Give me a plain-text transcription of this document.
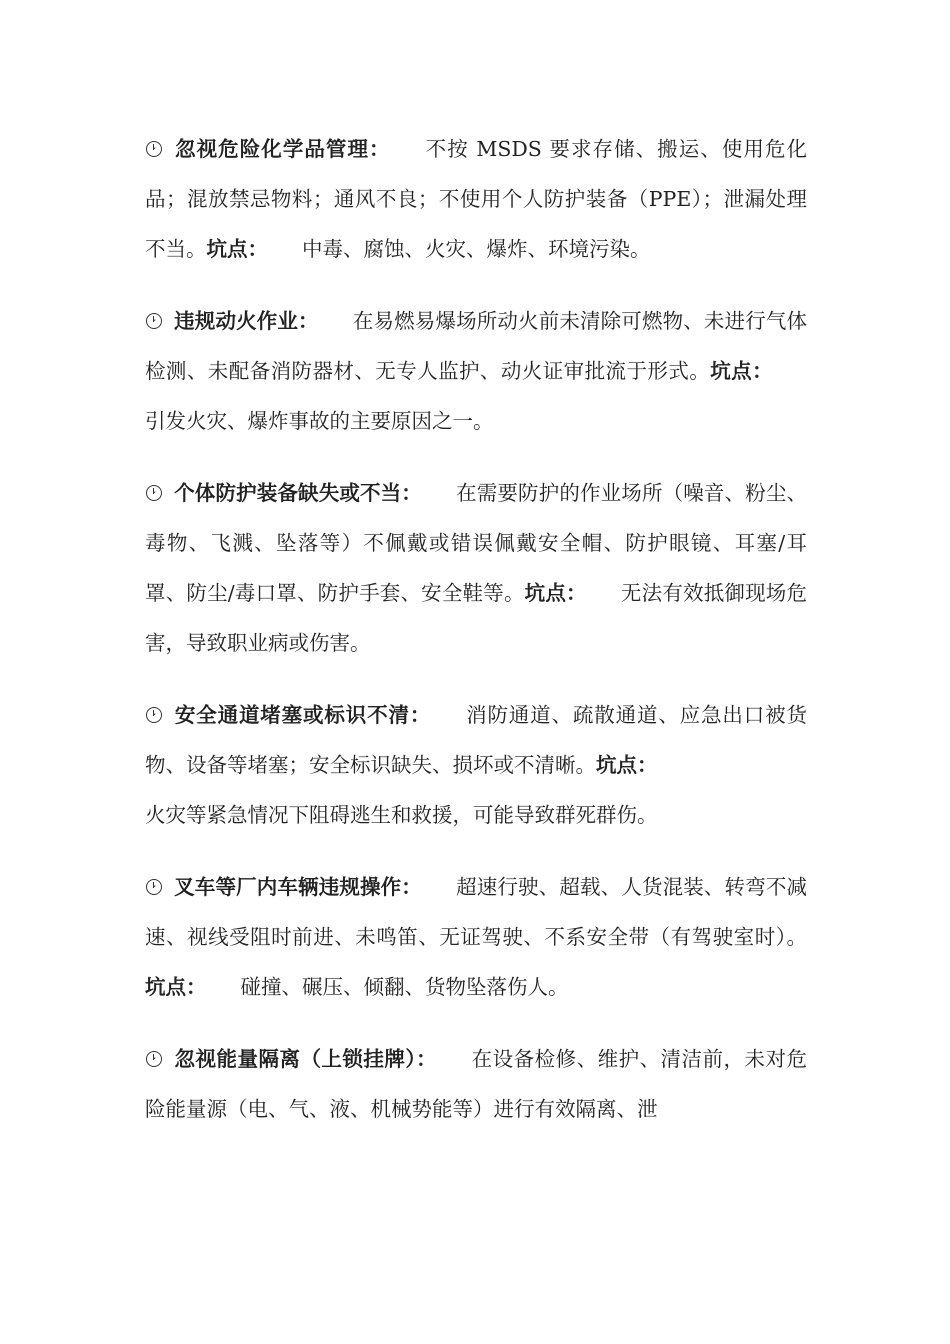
忽视危险化学品管理： 不按 MSDS 要求存储、搬运、使用危化品；混放禁忌物料；通风不良；不使用个人防护装备（PPE）；泄漏处理不当。坑点： 中毒、腐蚀、火灾、爆炸、环境污染。

违规动火作业： 在易燃易爆场所动火前未清除可燃物、未进行气体检测、未配备消防器材、无专人监护、动火证审批流于形式。坑点：引发火灾、爆炸事故的主要原因之一。

个体防护装备缺失或不当： 在需要防护的作业场所（噪音、粉尘、毒物、飞溅、坠落等）不佩戴或错误佩戴安全帽、防护眼镜、耳塞/耳罩、防尘/毒口罩、防护手套、安全鞋等。坑点： 无法有效抵御现场危害，导致职业病或伤害。

安全通道堵塞或标识不清： 消防通道、疏散通道、应急出口被货物、设备等堵塞；安全标识缺失、损坏或不清晰。坑点：
火灾等紧急情况下阻碍逃生和救援，可能导致群死群伤。

叉车等厂内车辆违规操作： 超速行驶、超载、人货混装、转弯不减速、视线受阻时前进、未鸣笛、无证驾驶、不系安全带（有驾驶室时）。坑点： 碰撞、碾压、倾翻、货物坠落伤人。

忽视能量隔离（上锁挂牌）： 在设备检修、维护、清洁前，未对危险能量源（电、气、液、机械势能等）进行有效隔离、泄
